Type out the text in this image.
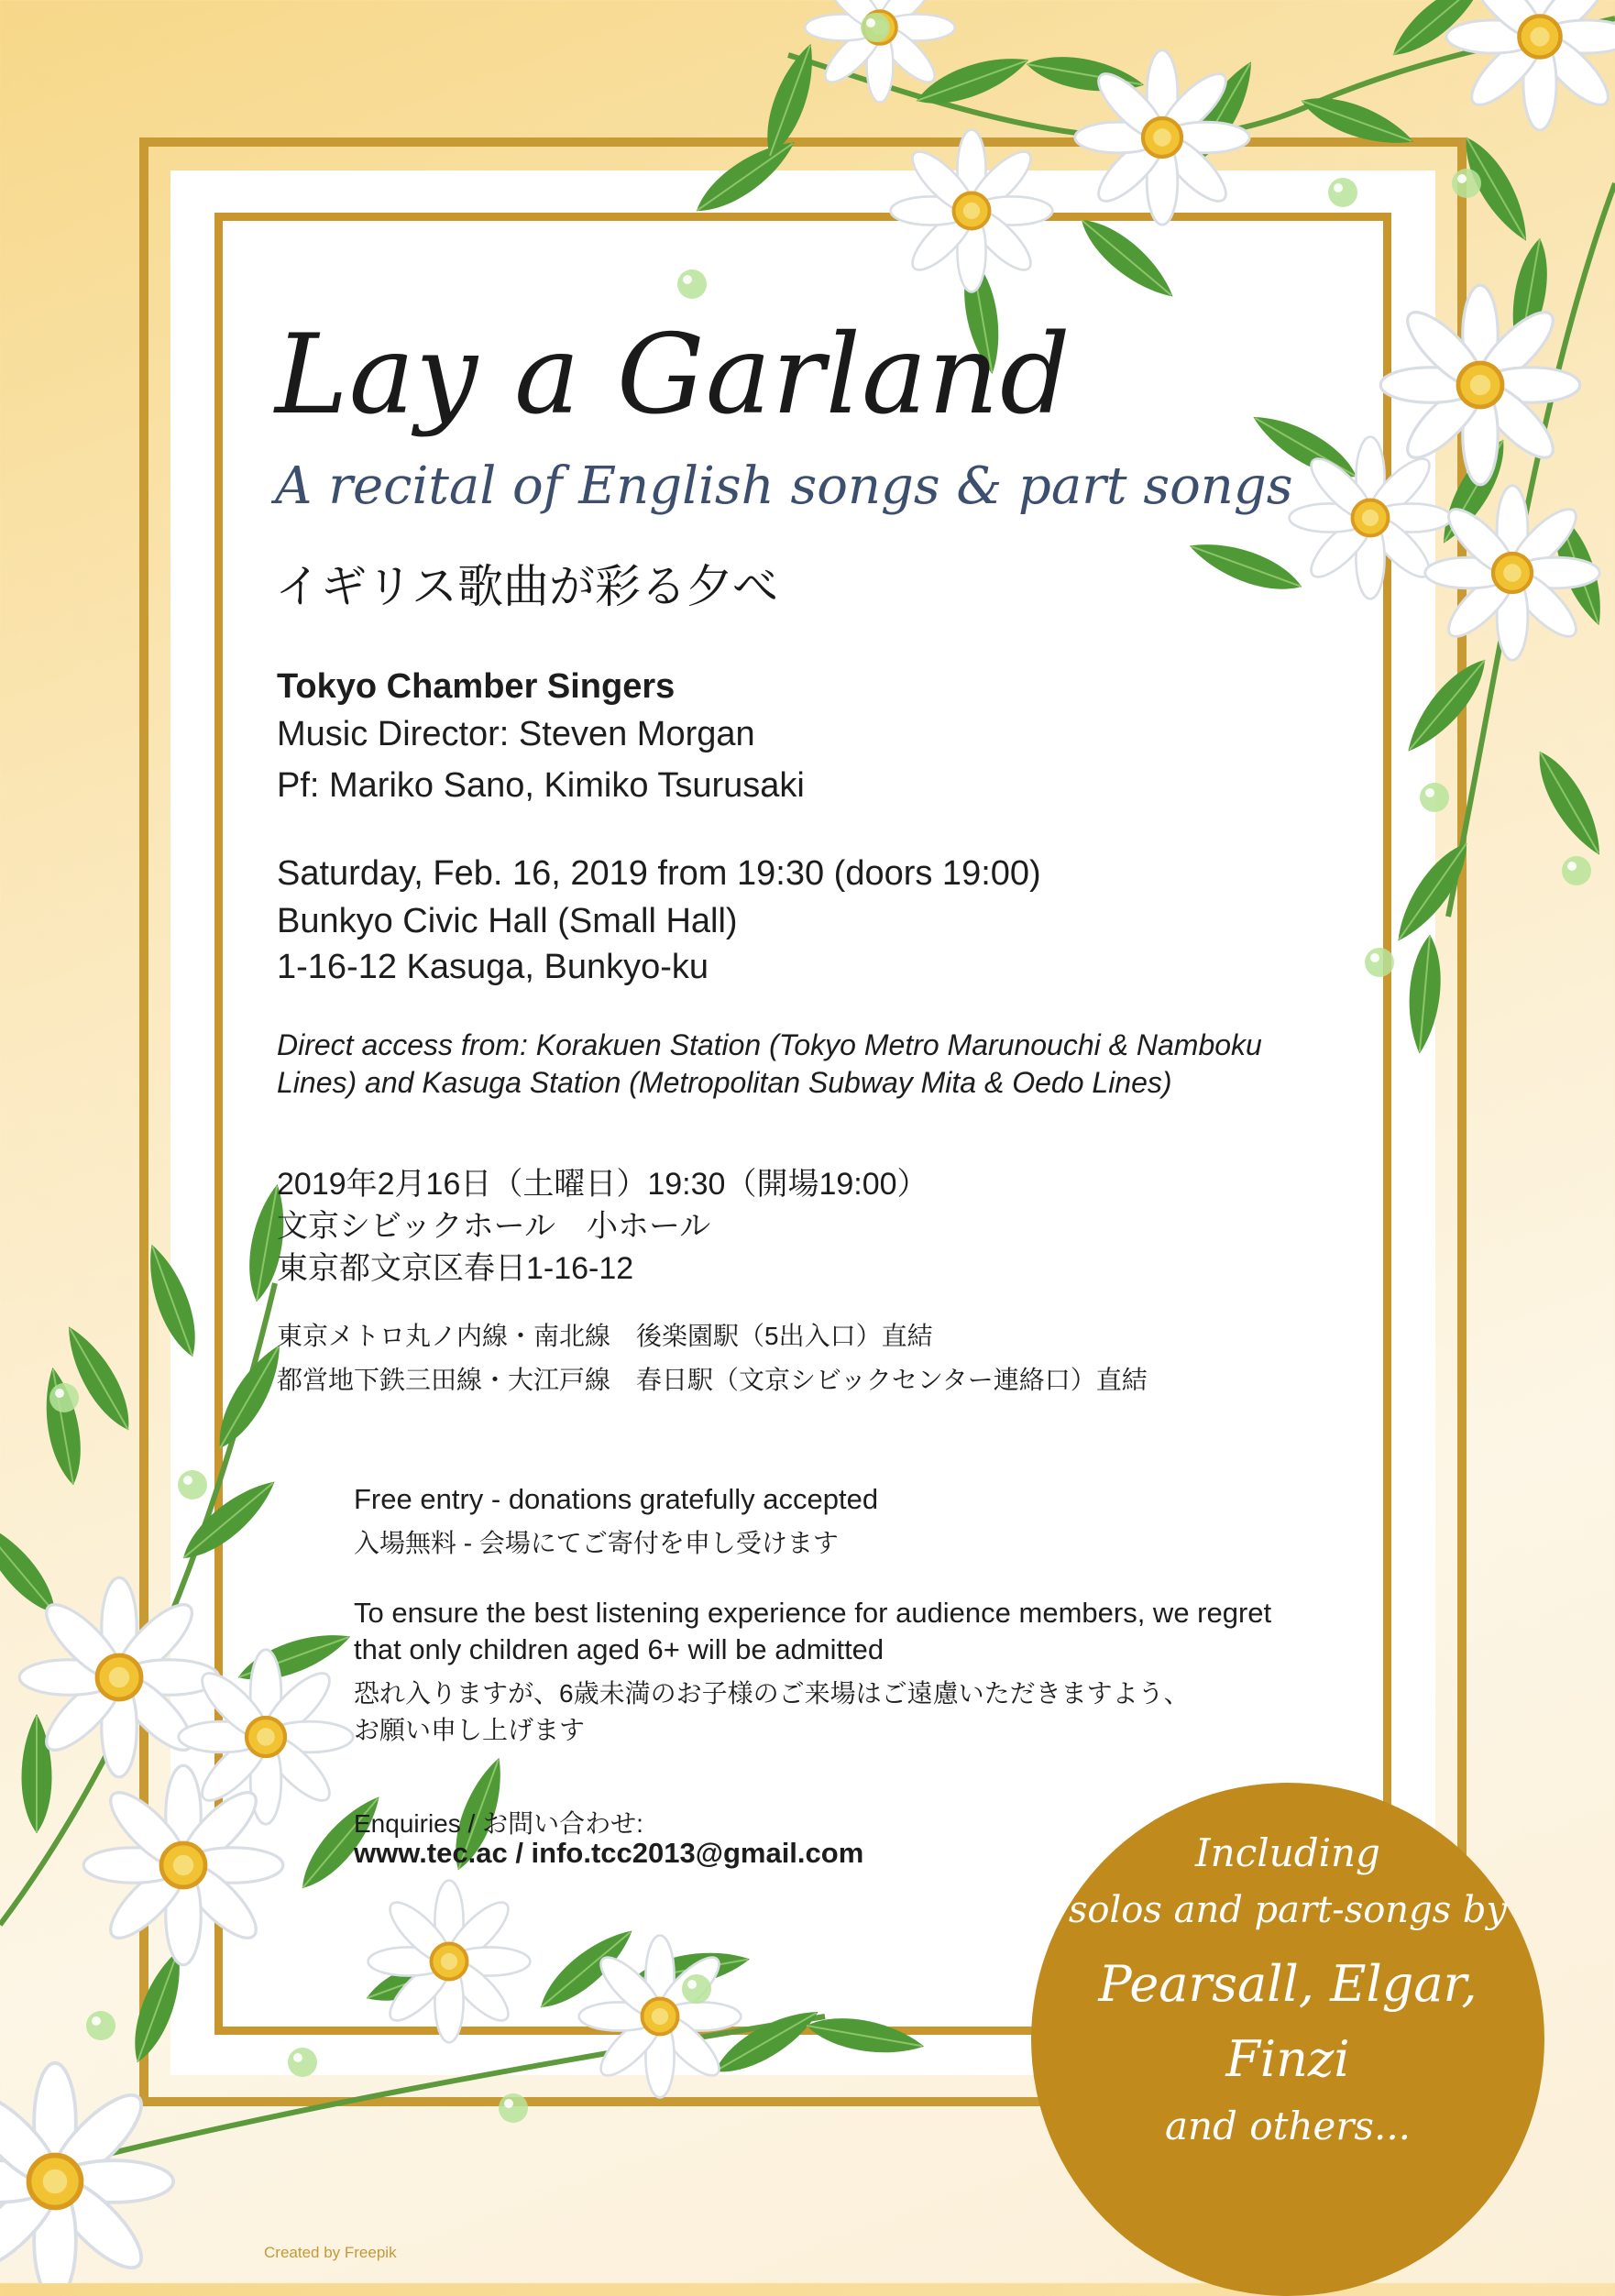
Lay a Garland
A recital of English songs & part songs
イギリス歌曲が彩る夕べ
Tokyo Chamber Singers
Music Director: Steven Morgan
Pf: Mariko Sano, Kimiko Tsurusaki
Saturday, Feb. 16, 2019 from 19:30 (doors 19:00)
Bunkyo Civic Hall (Small Hall)
1-16-12 Kasuga, Bunkyo-ku
Direct access from: Korakuen Station (Tokyo Metro Marunouchi & Namboku
Lines) and Kasuga Station (Metropolitan Subway Mita & Oedo Lines)
2019年2月16日（土曜日）19:30（開場19:00）
文京シビックホール　小ホール
東京都文京区春日1-16-12
東京メトロ丸ノ内線・南北線　後楽園駅（5出入口）直結
都営地下鉄三田線・大江戸線　春日駅（文京シビックセンター連絡口）直結
Free entry - donations gratefully accepted
入場無料 - 会場にてご寄付を申し受けます
To ensure the best listening experience for audience members, we regret
that only children aged 6+ will be admitted
恐れ入りますが、6歳未満のお子様のご来場はご遠慮いただきますよう、
お願い申し上げます
Enquiries / お問い合わせ:
www.tec.ac / info.tcc2013@gmail.com	Including
solos and part-songs by
Pearsall, Elgar,
Finzi
and others...
Created by Freepik
